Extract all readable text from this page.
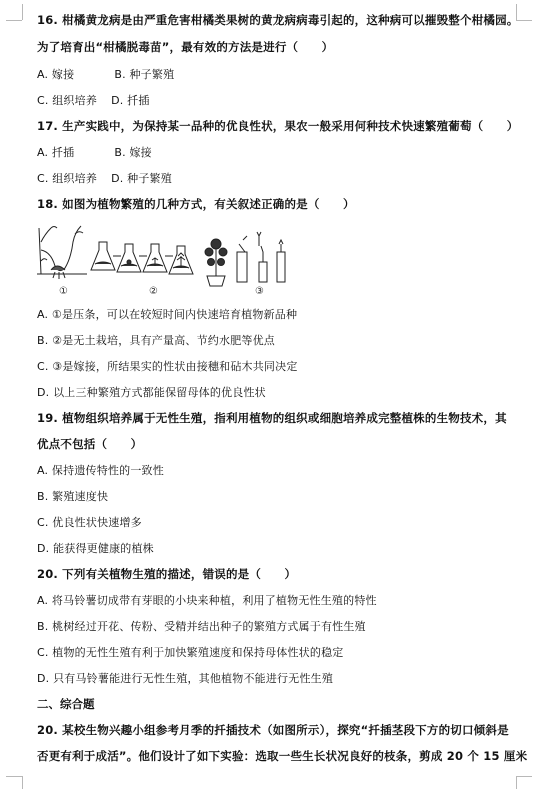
16. 柑橘黄龙病是由严重危害柑橘类果树的黄龙病病毒引起的，这种病可以摧毁整个柑橘园。
为了培育出“柑橘脱毒苗”，最有效的方法是进行（　　）
A. 嫁接	B. 种子繁殖
C. 组织培养 D. 扦插
17. 生产实践中，为保持某一品种的优良性状，果农一般采用何种技术快速繁殖葡萄（　　）
A. 扦插	B. 嫁接
C. 组织培养 D. 种子繁殖
18. 如图为植物繁殖的几种方式，有关叙述正确的是（　　）
①	②	③
A. ①是压条，可以在较短时间内快速培育植物新品种
B. ②是无土栽培，具有产量高、节约水肥等优点
C. ③是嫁接，所结果实的性状由接穗和砧木共同决定
D. 以上三种繁殖方式都能保留母体的优良性状
19. 植物组织培养属于无性生殖，指利用植物的组织或细胞培养成完整植株的生物技术，其
优点不包括（　　）
A. 保持遗传特性的一致性
B. 繁殖速度快
C. 优良性状快速增多
D. 能获得更健康的植株
20. 下列有关植物生殖的描述，错误的是（　　）
A. 将马铃薯切成带有芽眼的小块来种植，利用了植物无性生殖的特性
B. 桃树经过开花、传粉、受精并结出种子的繁殖方式属于有性生殖
C. 植物的无性生殖有利于加快繁殖速度和保持母体性状的稳定
D. 只有马铃薯能进行无性生殖，其他植物不能进行无性生殖
二、综合题
20. 某校生物兴趣小组参考月季的扦插技术（如图所示），探究“扦插茎段下方的切口倾斜是
否更有利于成活”。他们设计了如下实验：选取一些生长状况良好的枝条，剪成 20 个 15 厘米
